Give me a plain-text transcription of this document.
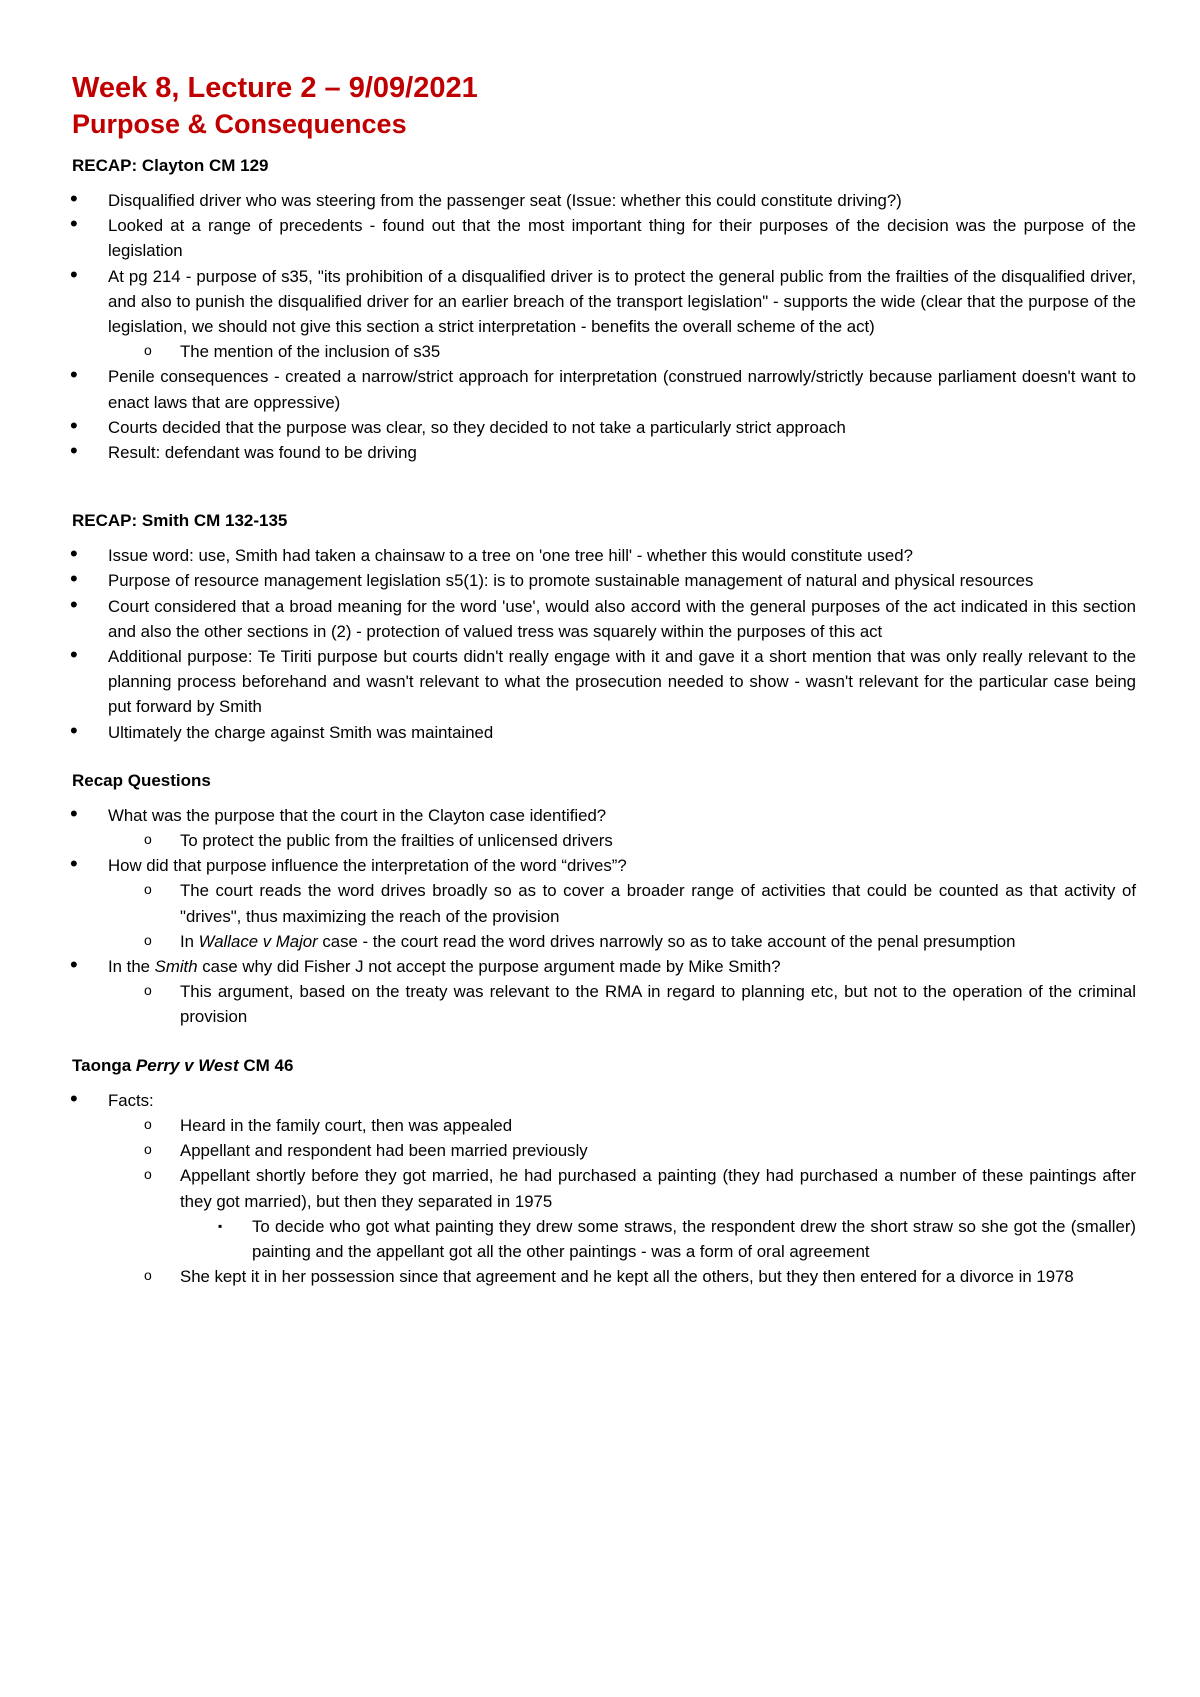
Week 8, Lecture 2 – 9/09/2021
Purpose & Consequences
RECAP: Clayton CM 129
• Disqualified driver who was steering from the passenger seat (Issue: whether this could constitute driving?)
• Looked at a range of precedents - found out that the most important thing for their purposes of the decision was the purpose of the legislation
• At pg 214 - purpose of s35, "its prohibition of a disqualified driver is to protect the general public from the frailties of the disqualified driver, and also to punish the disqualified driver for an earlier breach of the transport legislation" - supports the wide (clear that the purpose of the legislation, we should not give this section a strict interpretation - benefits the overall scheme of the act)
o The mention of the inclusion of s35
• Penile consequences - created a narrow/strict approach for interpretation (construed narrowly/strictly because parliament doesn't want to enact laws that are oppressive)
• Courts decided that the purpose was clear, so they decided to not take a particularly strict approach
• Result: defendant was found to be driving
RECAP: Smith CM 132-135
• Issue word: use, Smith had taken a chainsaw to a tree on 'one tree hill' - whether this would constitute used?
• Purpose of resource management legislation s5(1): is to promote sustainable management of natural and physical resources
• Court considered that a broad meaning for the word 'use', would also accord with the general purposes of the act indicated in this section and also the other sections in (2) - protection of valued tress was squarely within the purposes of this act
• Additional purpose: Te Tiriti purpose but courts didn't really engage with it and gave it a short mention that was only really relevant to the planning process beforehand and wasn't relevant to what the prosecution needed to show - wasn't relevant for the particular case being put forward by Smith
• Ultimately the charge against Smith was maintained
Recap Questions
• What was the purpose that the court in the Clayton case identified?
o To protect the public from the frailties of unlicensed drivers
• How did that purpose influence the interpretation of the word “drives”?
o The court reads the word drives broadly so as to cover a broader range of activities that could be counted as that activity of "drives", thus maximizing the reach of the provision
o In Wallace v Major case - the court read the word drives narrowly so as to take account of the penal presumption
• In the Smith case why did Fisher J not accept the purpose argument made by Mike Smith?
o This argument, based on the treaty was relevant to the RMA in regard to planning etc, but not to the operation of the criminal provision
Taonga Perry v West CM 46
• Facts:
o Heard in the family court, then was appealed
o Appellant and respondent had been married previously
o Appellant shortly before they got married, he had purchased a painting (they had purchased a number of these paintings after they got married), but then they separated in 1975
▪ To decide who got what painting they drew some straws, the respondent drew the short straw so she got the (smaller) painting and the appellant got all the other paintings - was a form of oral agreement
o She kept it in her possession since that agreement and he kept all the others, but they then entered for a divorce in 1978
